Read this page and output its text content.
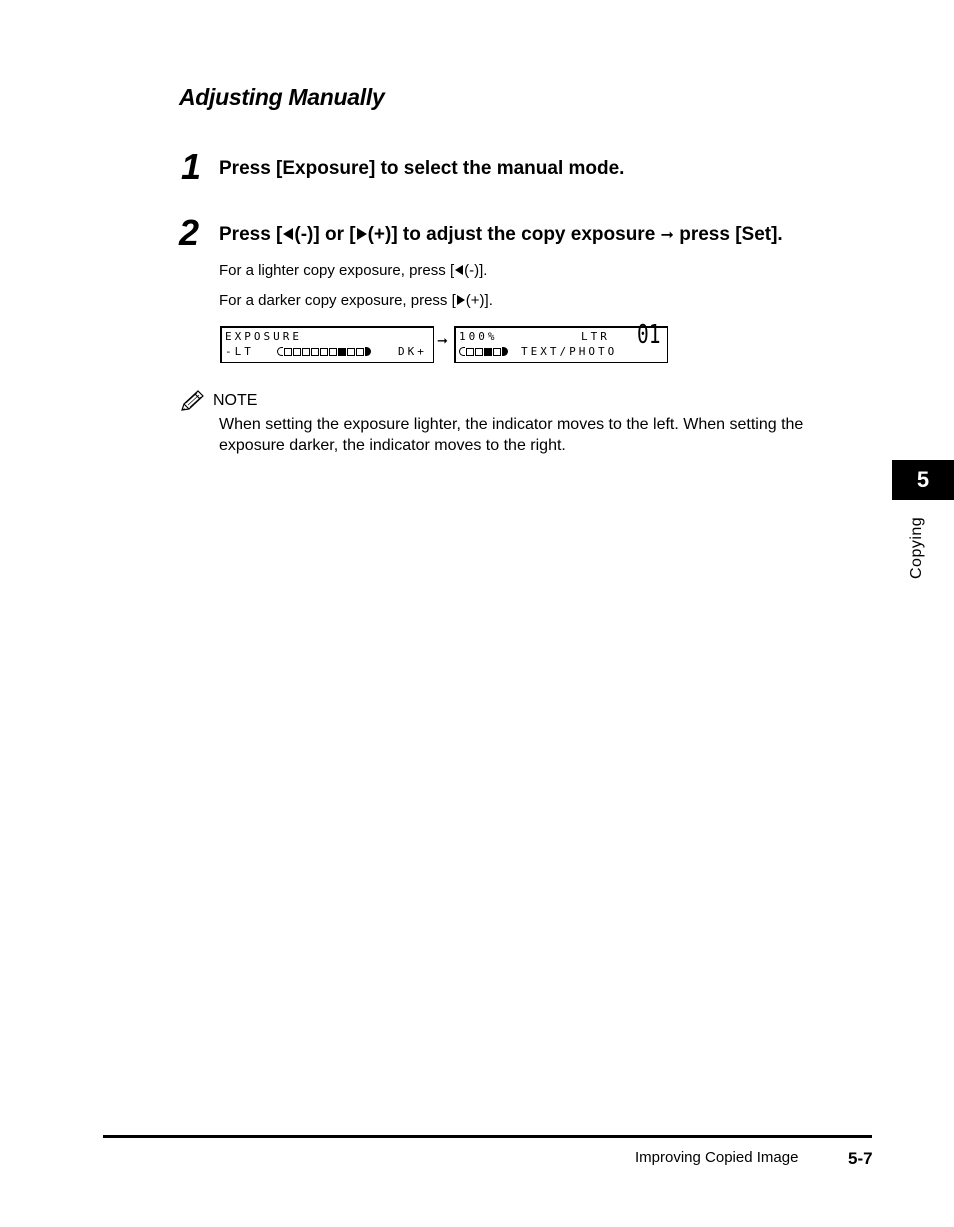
Adjusting Manually
1 Press [Exposure] to select the manual mode.
2 Press [ (-)] or [ (+)] to adjust the copy exposure ➞ press [Set].
For a lighter copy exposure, press [ (-)].
For a darker copy exposure, press [ (+)].
EXPOSURE
-LT	DK+
➞ 100%	LTR
TEXT/PHOTO
01
NOTE
When setting the exposure lighter, the indicator moves to the left. When setting the exposure darker, the indicator moves to the right.
5
Copying
Improving Copied Image	5-7
